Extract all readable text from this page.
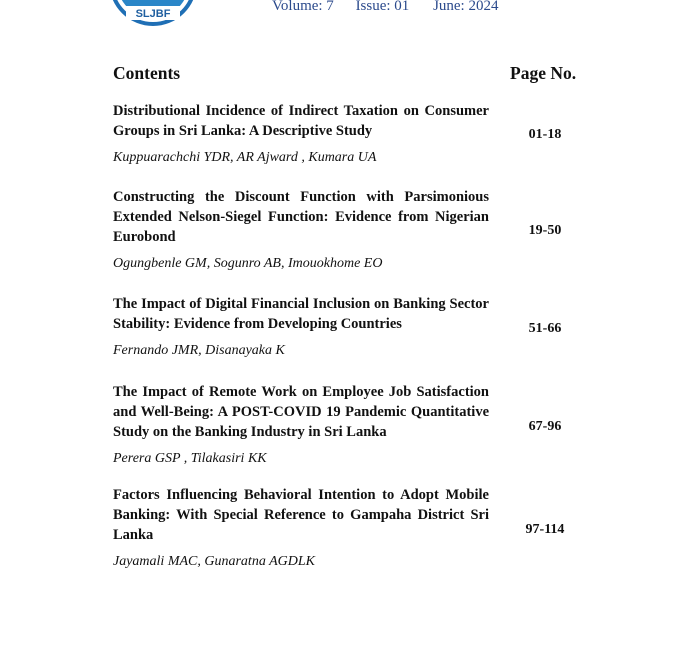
SLJBF	Volume: 7 Issue: 01 June: 2024
Contents	Page No.
Distributional Incidence of Indirect Taxation on Consumer Groups in Sri Lanka: A Descriptive Study
Kuppuarachchi YDR, AR Ajward , Kumara UA
01-18
Constructing the Discount Function with Parsimonious Extended Nelson-Siegel Function: Evidence from Nigerian Eurobond
Ogungbenle GM, Sogunro AB, Imouokhome EO
19-50
The Impact of Digital Financial Inclusion on Banking Sector Stability: Evidence from Developing Countries
Fernando JMR, Disanayaka K
51-66
The Impact of Remote Work on Employee Job Satisfaction and Well-Being: A POST-COVID 19 Pandemic Quantitative Study on the Banking Industry in Sri Lanka
Perera GSP , Tilakasiri KK
67-96
Factors Influencing Behavioral Intention to Adopt Mobile Banking: With Special Reference to Gampaha District Sri Lanka
Jayamali MAC, Gunaratna AGDLK
97-114
